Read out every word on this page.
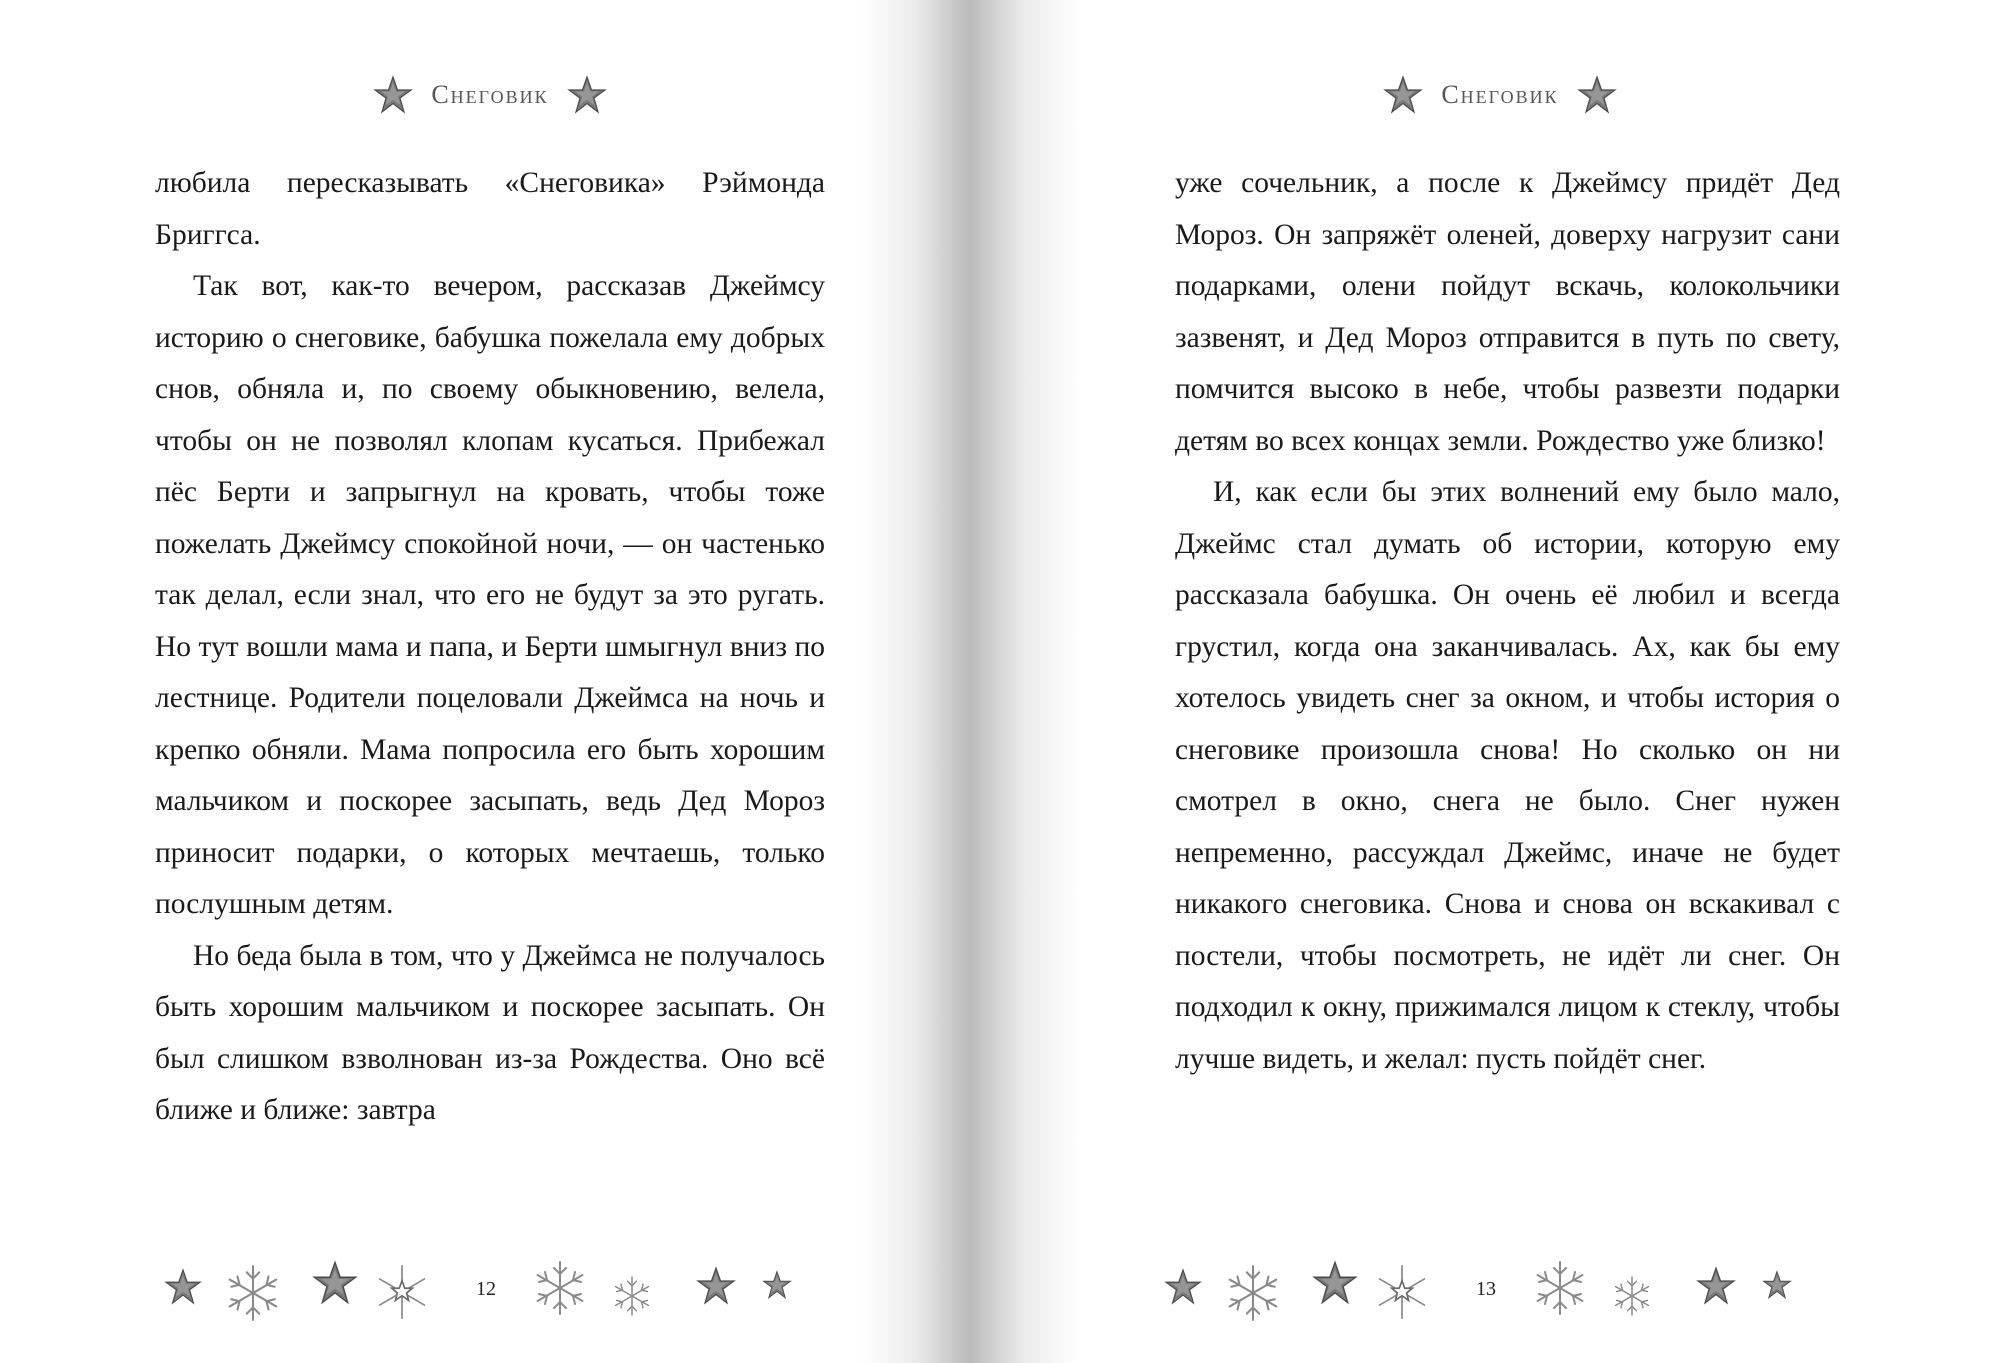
Снеговик

любила пересказывать «Снеговика» Рэймонда Бриггса.

Так вот, как-то вечером, рассказав Джеймсу историю о снеговике, бабушка пожелала ему добрых снов, обняла и, по своему обыкновению, велела, чтобы он не позволял клопам кусаться. Прибежал пёс Берти и запрыгнул на кровать, чтобы тоже пожелать Джеймсу спокойной ночи, — он частенько так делал, если знал, что его не будут за это ругать. Но тут вошли мама и папа, и Берти шмыгнул вниз по лестнице. Родители поцеловали Джеймса на ночь и крепко обняли. Мама попросила его быть хорошим мальчиком и поскорее засыпать, ведь Дед Мороз приносит подарки, о которых мечтаешь, только послушным детям.

Но беда была в том, что у Джеймса не получалось быть хорошим мальчиком и поскорее засыпать. Он был слишком взволнован из-за Рождества. Оно всё ближе и ближе: завтра

12
Снеговик

уже сочельник, а после к Джеймсу придёт Дед Мороз. Он запряжёт оленей, доверху нагрузит сани подарками, олени пойдут вскачь, колокольчики зазвенят, и Дед Мороз отправится в путь по свету, помчится высоко в небе, чтобы развезти подарки детям во всех концах земли. Рождество уже близко!

И, как если бы этих волнений ему было мало, Джеймс стал думать об истории, которую ему рассказала бабушка. Он очень её любил и всегда грустил, когда она заканчивалась. Ах, как бы ему хотелось увидеть снег за окном, и чтобы история о снеговике произошла снова! Но сколько он ни смотрел в окно, снега не было. Снег нужен непременно, рассуждал Джеймс, иначе не будет никакого снеговика. Снова и снова он вскакивал с постели, чтобы посмотреть, не идёт ли снег. Он подходил к окну, прижимался лицом к стеклу, чтобы лучше видеть, и желал: пусть пойдёт снег.

13
